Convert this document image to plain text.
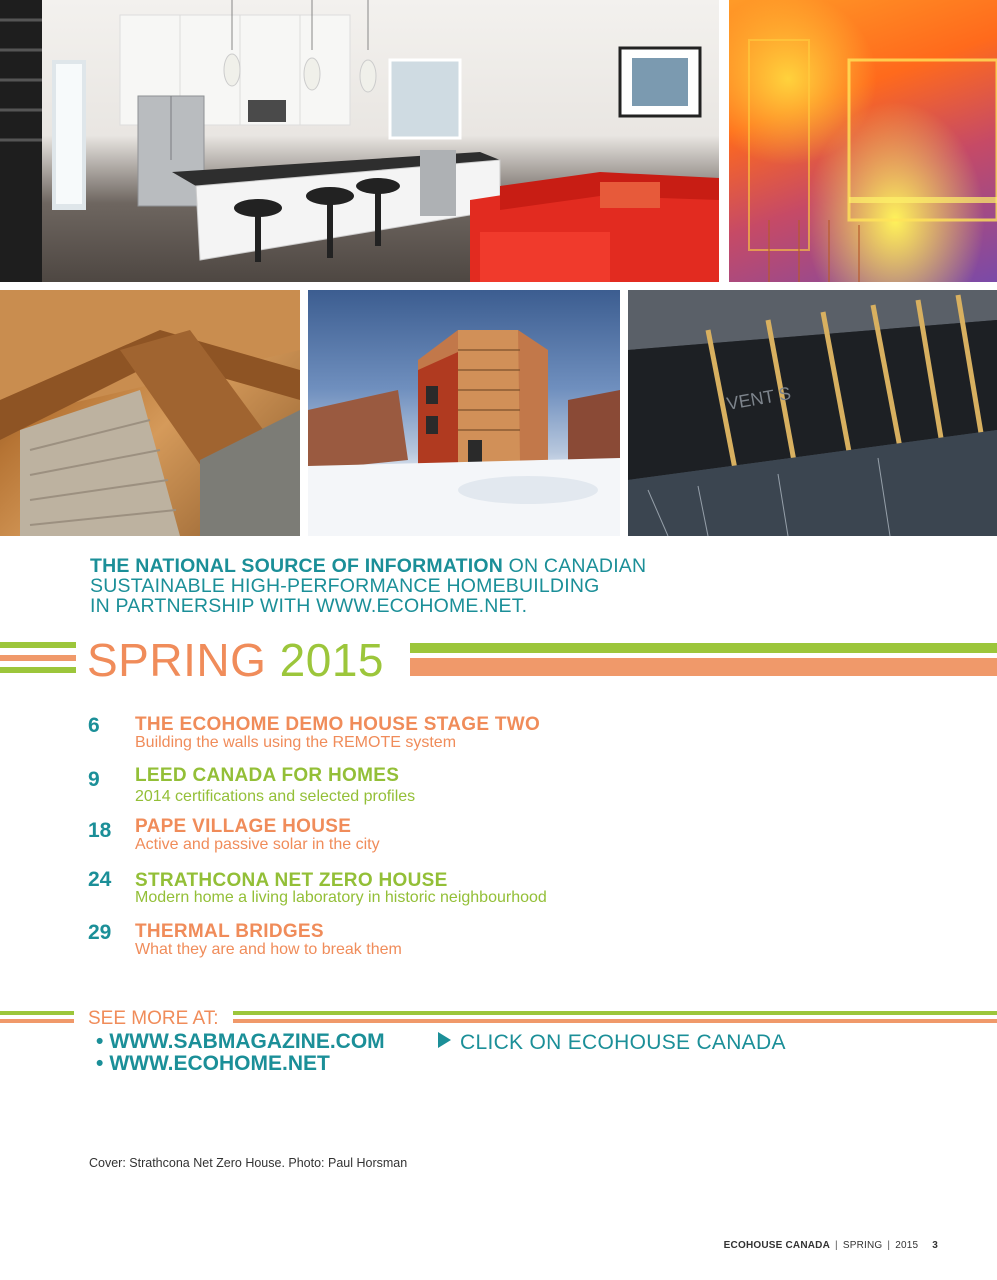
VENT S
THE NATIONAL SOURCE OF INFORMATION ON CANADIAN
SUSTAINABLE HIGH-PERFORMANCE HOMEBUILDING
IN PARTNERSHIP WITH WWW.ECOHOME.NET.
SPRING 2015
6	THE ECOHOME DEMO HOUSE STAGE TWO
Building the walls using the REMOTE system
9	LEED CANADA FOR HOMES
2014 certifications and selected profiles
18	PAPE VILLAGE HOUSE
Active and passive solar in the city
24	STRATHCONA NET ZERO HOUSE
Modern home a living laboratory in historic neighbourhood
29	THERMAL BRIDGES
What they are and how to break them
SEE MORE AT:
• WWW.SABMAGAZINE.COM
• WWW.ECOHOME.NET
CLICK ON ECOHOUSE CANADA
Cover: Strathcona Net Zero House. Photo: Paul Horsman
ECOHOUSE CANADA | SPRING | 2015 3
